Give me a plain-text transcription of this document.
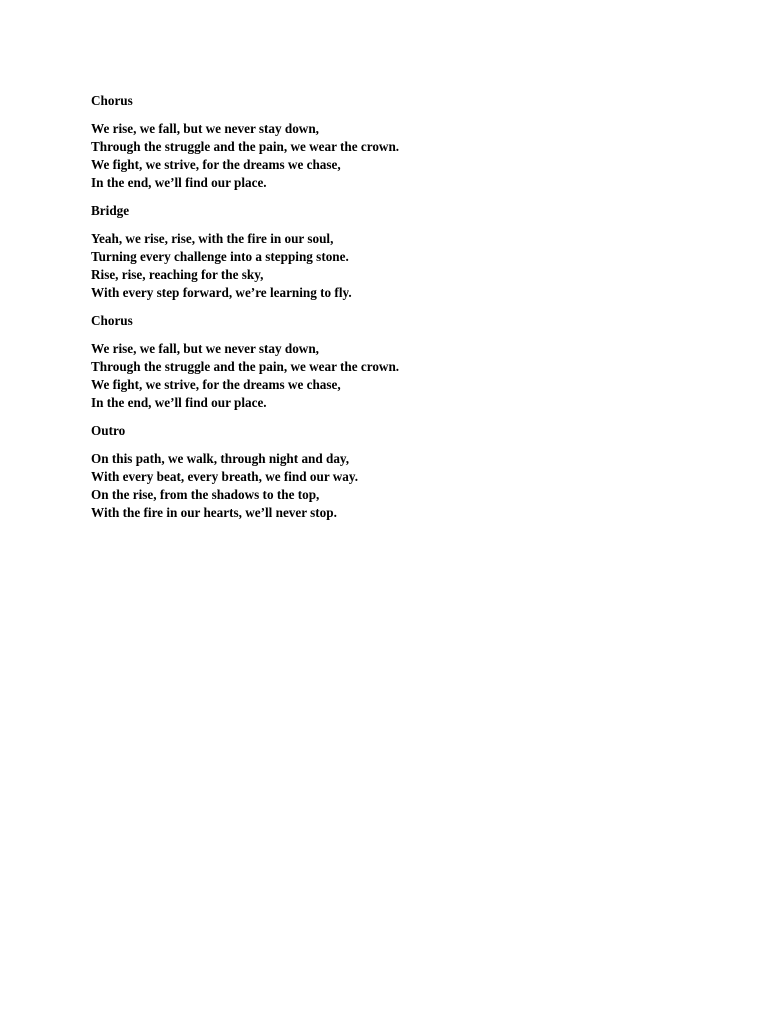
Chorus
We rise, we fall, but we never stay down,
Through the struggle and the pain, we wear the crown.
We fight, we strive, for the dreams we chase,
In the end, we’ll find our place.
Bridge
Yeah, we rise, rise, with the fire in our soul,
Turning every challenge into a stepping stone.
Rise, rise, reaching for the sky,
With every step forward, we’re learning to fly.
Chorus
We rise, we fall, but we never stay down,
Through the struggle and the pain, we wear the crown.
We fight, we strive, for the dreams we chase,
In the end, we’ll find our place.
Outro
On this path, we walk, through night and day,
With every beat, every breath, we find our way.
On the rise, from the shadows to the top,
With the fire in our hearts, we’ll never stop.
